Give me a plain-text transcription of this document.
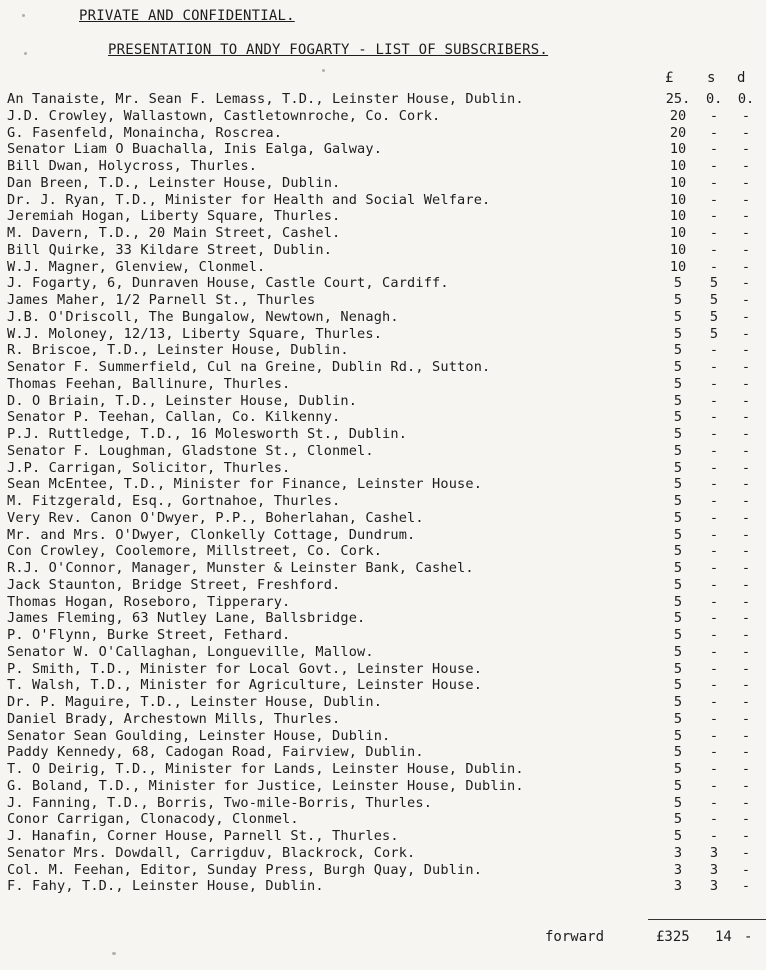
PRIVATE AND CONFIDENTIAL.
PRESENTATION TO ANDY FOGARTY - LIST OF SUBSCRIBERS.
£ s d
An Tanaiste, Mr. Sean F. Lemass, T.D., Leinster House, Dublin.	25. 0. 0.
J.D. Crowley, Wallastown, Castletownroche, Co. Cork.	20	-	-
G. Fasenfeld, Monaincha, Roscrea.	20	-	-
Senator Liam O Buachalla, Inis Ealga, Galway.	10	-	-
Bill Dwan, Holycross, Thurles.	10	-	-
Dan Breen, T.D., Leinster House, Dublin.	10	-	-
Dr. J. Ryan, T.D., Minister for Health and Social Welfare.	10	-	-
Jeremiah Hogan, Liberty Square, Thurles.	10	-	-
M. Davern, T.D., 20 Main Street, Cashel.	10	-	-
Bill Quirke, 33 Kildare Street, Dublin.	10	-	-
W.J. Magner, Glenview, Clonmel.	10	-	-
J. Fogarty, 6, Dunraven House, Castle Court, Cardiff.	5	5	-
James Maher, 1/2 Parnell St., Thurles	5	5	-
J.B. O'Driscoll, The Bungalow, Newtown, Nenagh.	5	5	-
W.J. Moloney, 12/13, Liberty Square, Thurles.	5	5	-
R. Briscoe, T.D., Leinster House, Dublin.	5	-	-
Senator F. Summerfield, Cul na Greine, Dublin Rd., Sutton.	5	-	-
Thomas Feehan, Ballinure, Thurles.	5	-	-
D. O Briain, T.D., Leinster House, Dublin.	5	-	-
Senator P. Teehan, Callan, Co. Kilkenny.	5	-	-
P.J. Ruttledge, T.D., 16 Molesworth St., Dublin.	5	-	-
Senator F. Loughman, Gladstone St., Clonmel.	5	-	-
J.P. Carrigan, Solicitor, Thurles.	5	-	-
Sean McEntee, T.D., Minister for Finance, Leinster House.	5	-	-
M. Fitzgerald, Esq., Gortnahoe, Thurles.	5	-	-
Very Rev. Canon O'Dwyer, P.P., Boherlahan, Cashel.	5	-	-
Mr. and Mrs. O'Dwyer, Clonkelly Cottage, Dundrum.	5	-	-
Con Crowley, Coolemore, Millstreet, Co. Cork.	5	-	-
R.J. O'Connor, Manager, Munster & Leinster Bank, Cashel.	5	-	-
Jack Staunton, Bridge Street, Freshford.	5	-	-
Thomas Hogan, Roseboro, Tipperary.	5	-	-
James Fleming, 63 Nutley Lane, Ballsbridge.	5	-	-
P. O'Flynn, Burke Street, Fethard.	5	-	-
Senator W. O'Callaghan, Longueville, Mallow.	5	-	-
P. Smith, T.D., Minister for Local Govt., Leinster House.	5	-	-
T. Walsh, T.D., Minister for Agriculture, Leinster House.	5	-	-
Dr. P. Maguire, T.D., Leinster House, Dublin.	5	-	-
Daniel Brady, Archestown Mills, Thurles.	5	-	-
Senator Sean Goulding, Leinster House, Dublin.	5	-	-
Paddy Kennedy, 68, Cadogan Road, Fairview, Dublin.	5	-	-
T. O Deirig, T.D., Minister for Lands, Leinster House, Dublin.	5	-	-
G. Boland, T.D., Minister for Justice, Leinster House, Dublin.	5	-	-
J. Fanning, T.D., Borris, Two-mile-Borris, Thurles.	5	-	-
Conor Carrigan, Clonacody, Clonmel.	5	-	-
J. Hanafin, Corner House, Parnell St., Thurles.	5	-	-
Senator Mrs. Dowdall, Carrigduv, Blackrock, Cork.	3	3	-
Col. M. Feehan, Editor, Sunday Press, Burgh Quay, Dublin.	3	3	-
F. Fahy, T.D., Leinster House, Dublin.	3	3	-
forward	£325 14 -
